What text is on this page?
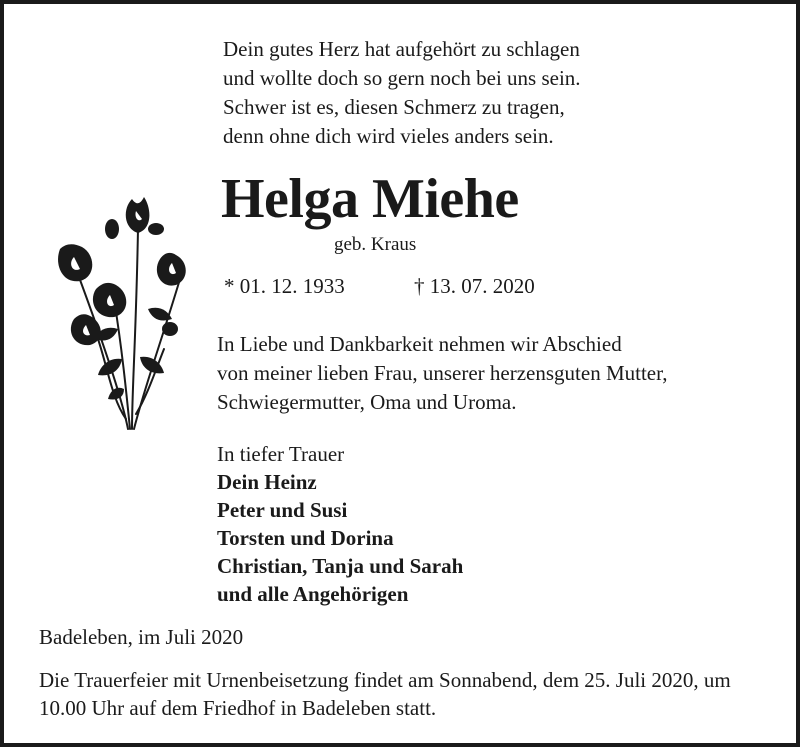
Dein gutes Herz hat aufgehört zu schlagen
und wollte doch so gern noch bei uns sein.
Schwer ist es, diesen Schmerz zu tragen,
denn ohne dich wird vieles anders sein.
Helga Miehe
geb. Kraus
* 01. 12. 1933	† 13. 07. 2020
In Liebe und Dankbarkeit nehmen wir Abschied
von meiner lieben Frau, unserer herzensguten Mutter,
Schwiegermutter, Oma und Uroma.
In tiefer Trauer
Dein Heinz
Peter und Susi
Torsten und Dorina
Christian, Tanja und Sarah
und alle Angehörigen
Badeleben, im Juli 2020
Die Trauerfeier mit Urnenbeisetzung findet am Sonnabend, dem 25. Juli 2020, um
10.00 Uhr auf dem Friedhof in Badeleben statt.
